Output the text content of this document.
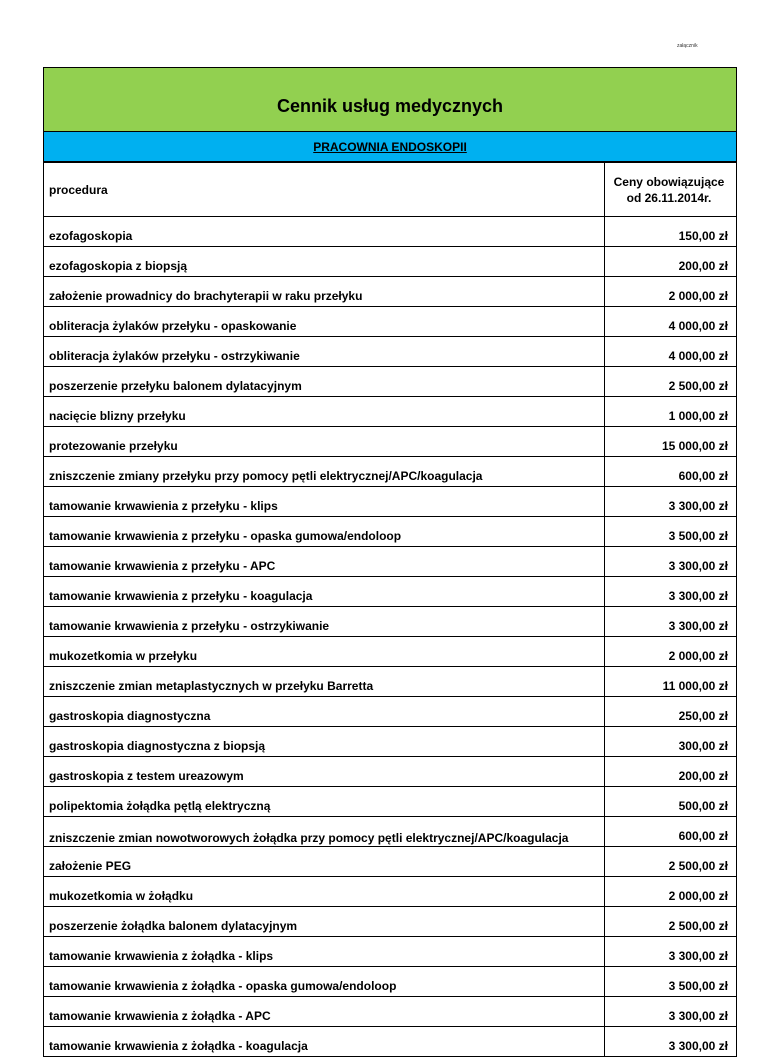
załącznik
Cennik usług medycznych
PRACOWNIA ENDOSKOPII
procedura	Ceny obowiązujące
od 26.11.2014r.

ezofagoskopia	150,00 zł
ezofagoskopia z biopsją	200,00 zł
założenie prowadnicy do brachyterapii w raku przełyku	2 000,00 zł
obliteracja żylaków przełyku - opaskowanie	4 000,00 zł
obliteracja żylaków przełyku - ostrzykiwanie	4 000,00 zł
poszerzenie przełyku balonem dylatacyjnym	2 500,00 zł
nacięcie blizny przełyku	1 000,00 zł
protezowanie przełyku	15 000,00 zł
zniszczenie zmiany przełyku przy pomocy pętli elektrycznej/APC/koagulacja	600,00 zł
tamowanie krwawienia z przełyku - klips	3 300,00 zł
tamowanie krwawienia z przełyku - opaska gumowa/endoloop	3 500,00 zł
tamowanie krwawienia z przełyku - APC	3 300,00 zł
tamowanie krwawienia z przełyku - koagulacja	3 300,00 zł
tamowanie krwawienia z przełyku - ostrzykiwanie	3 300,00 zł
mukozetkomia w przełyku	2 000,00 zł
zniszczenie zmian metaplastycznych w przełyku Barretta	11 000,00 zł
gastroskopia diagnostyczna	250,00 zł
gastroskopia diagnostyczna z biopsją	300,00 zł
gastroskopia z testem ureazowym	200,00 zł
polipektomia żołądka pętlą elektryczną	500,00 zł
zniszczenie zmian nowotworowych żołądka przy pomocy pętli elektrycznej/APC/koagulacja	600,00 zł
założenie PEG	2 500,00 zł
mukozetkomia w żołądku	2 000,00 zł
poszerzenie żołądka balonem dylatacyjnym	2 500,00 zł
tamowanie krwawienia z żołądka - klips	3 300,00 zł
tamowanie krwawienia z żołądka - opaska gumowa/endoloop	3 500,00 zł
tamowanie krwawienia z żołądka - APC	3 300,00 zł
tamowanie krwawienia z żołądka - koagulacja	3 300,00 zł
